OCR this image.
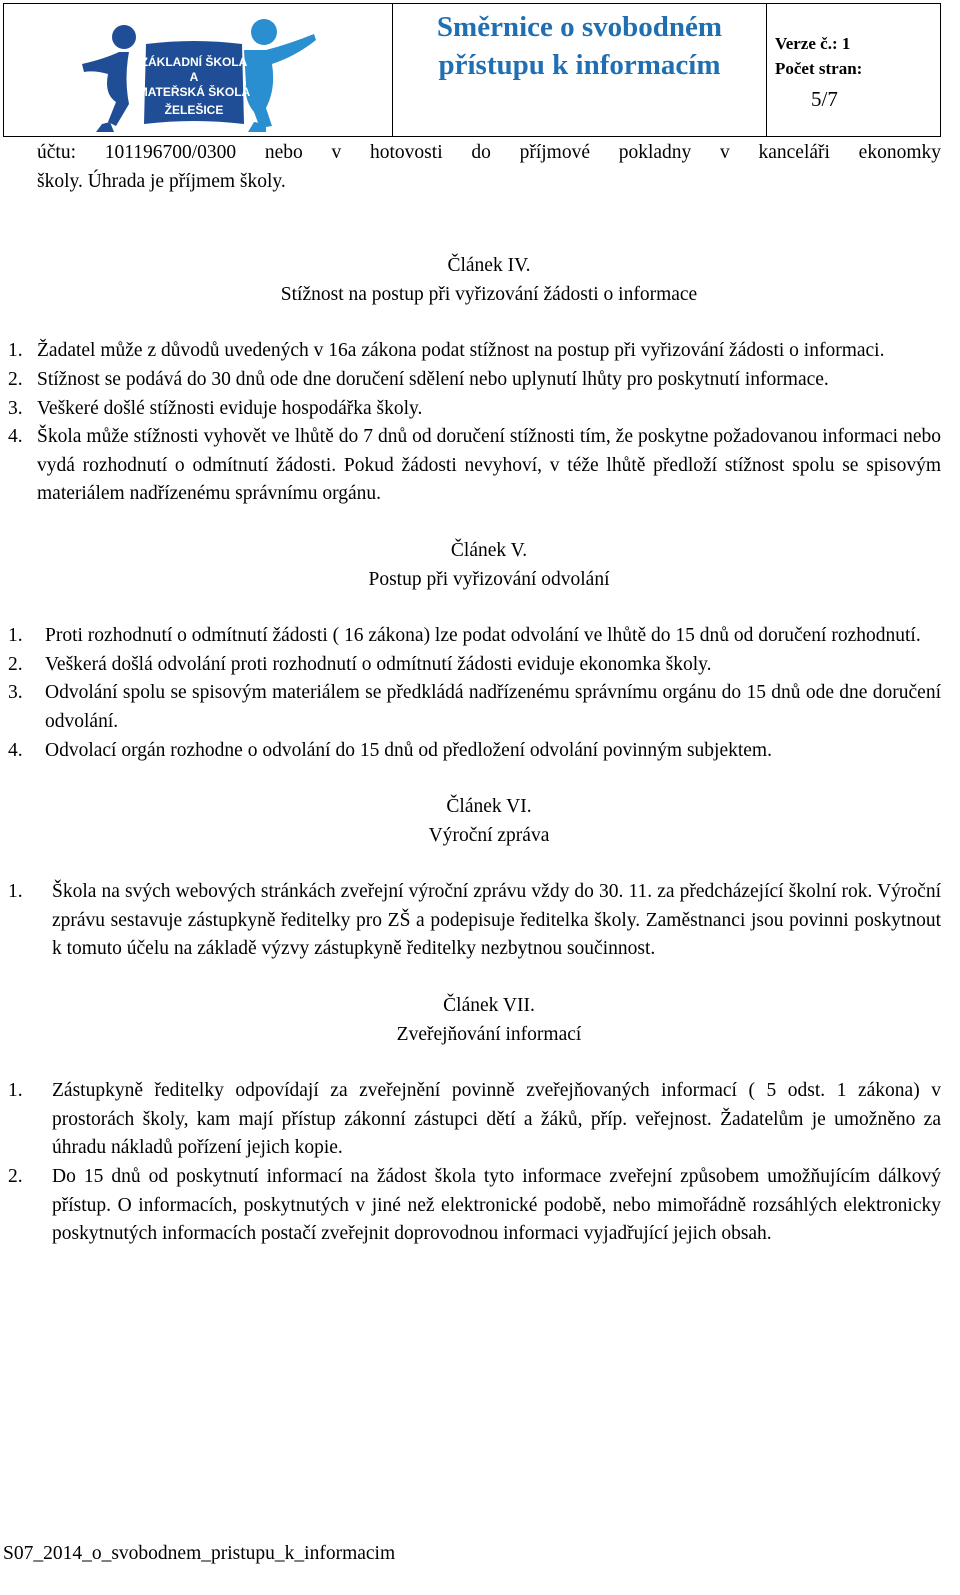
ZÁKLADNÍ ŠKOLA
A
MATEŘSKÁ ŠKOLA
ŽELEŠICE
Směrnice o svobodném
přístupu k informacím
Verze č.: 1
Počet stran:
5/7

účtu: 101196700/0300 nebo v hotovosti do příjmové pokladny v kanceláři ekonomky

školy. Úhrada je příjmem školy.

Článek IV.

Stížnost na postup při vyřizování žádosti o informace

1. Žadatel může z důvodů uvedených v 16a zákona podat stížnost na postup při vyřizování žádosti o informaci.
2. Stížnost se podává do 30 dnů ode dne doručení sdělení nebo uplynutí lhůty pro poskytnutí informace.
3. Veškeré došlé stížnosti eviduje hospodářka školy.
4. Škola může stížnosti vyhovět ve lhůtě do 7 dnů od doručení stížnosti tím, že poskytne požadovanou informaci nebo vydá rozhodnutí o odmítnutí žádosti. Pokud žádosti nevyhoví, v téže lhůtě předloží stížnost spolu se spisovým materiálem nadřízenému správnímu orgánu.

Článek V.

Postup při vyřizování odvolání

1.	Proti rozhodnutí o odmítnutí žádosti ( 16 zákona) lze podat odvolání ve lhůtě do 15 dnů od doručení rozhodnutí.
2.	Veškerá došlá odvolání proti rozhodnutí o odmítnutí žádosti eviduje ekonomka školy.
3.	Odvolání spolu se spisovým materiálem se předkládá nadřízenému správnímu orgánu do 15 dnů ode dne doručení odvolání.
4.	Odvolací orgán rozhodne o odvolání do 15 dnů od předložení odvolání povinným subjektem.

Článek VI.

Výroční zpráva

1.	Škola na svých webových stránkách zveřejní výroční zprávu vždy do 30. 11. za předcházející školní rok. Výroční zprávu sestavuje zástupkyně ředitelky pro ZŠ a podepisuje ředitelka školy. Zaměstnanci jsou povinni poskytnout k tomuto účelu na základě výzvy zástupkyně ředitelky nezbytnou součinnost.

Článek VII.

Zveřejňování informací

1.	Zástupkyně ředitelky odpovídají za zveřejnění povinně zveřejňovaných informací ( 5 odst. 1 zákona) v prostorách školy, kam mají přístup zákonní zástupci dětí a žáků, příp. veřejnost. Žadatelům je umožněno za úhradu nákladů pořízení jejich kopie.
2.	Do 15 dnů od poskytnutí informací na žádost škola tyto informace zveřejní způsobem umožňujícím dálkový přístup. O informacích, poskytnutých v jiné než elektronické podobě, nebo mimořádně rozsáhlých elektronicky poskytnutých informacích postačí zveřejnit doprovodnou informaci vyjadřující jejich obsah.
S07_2014_o_svobodnem_pristupu_k_informacim
